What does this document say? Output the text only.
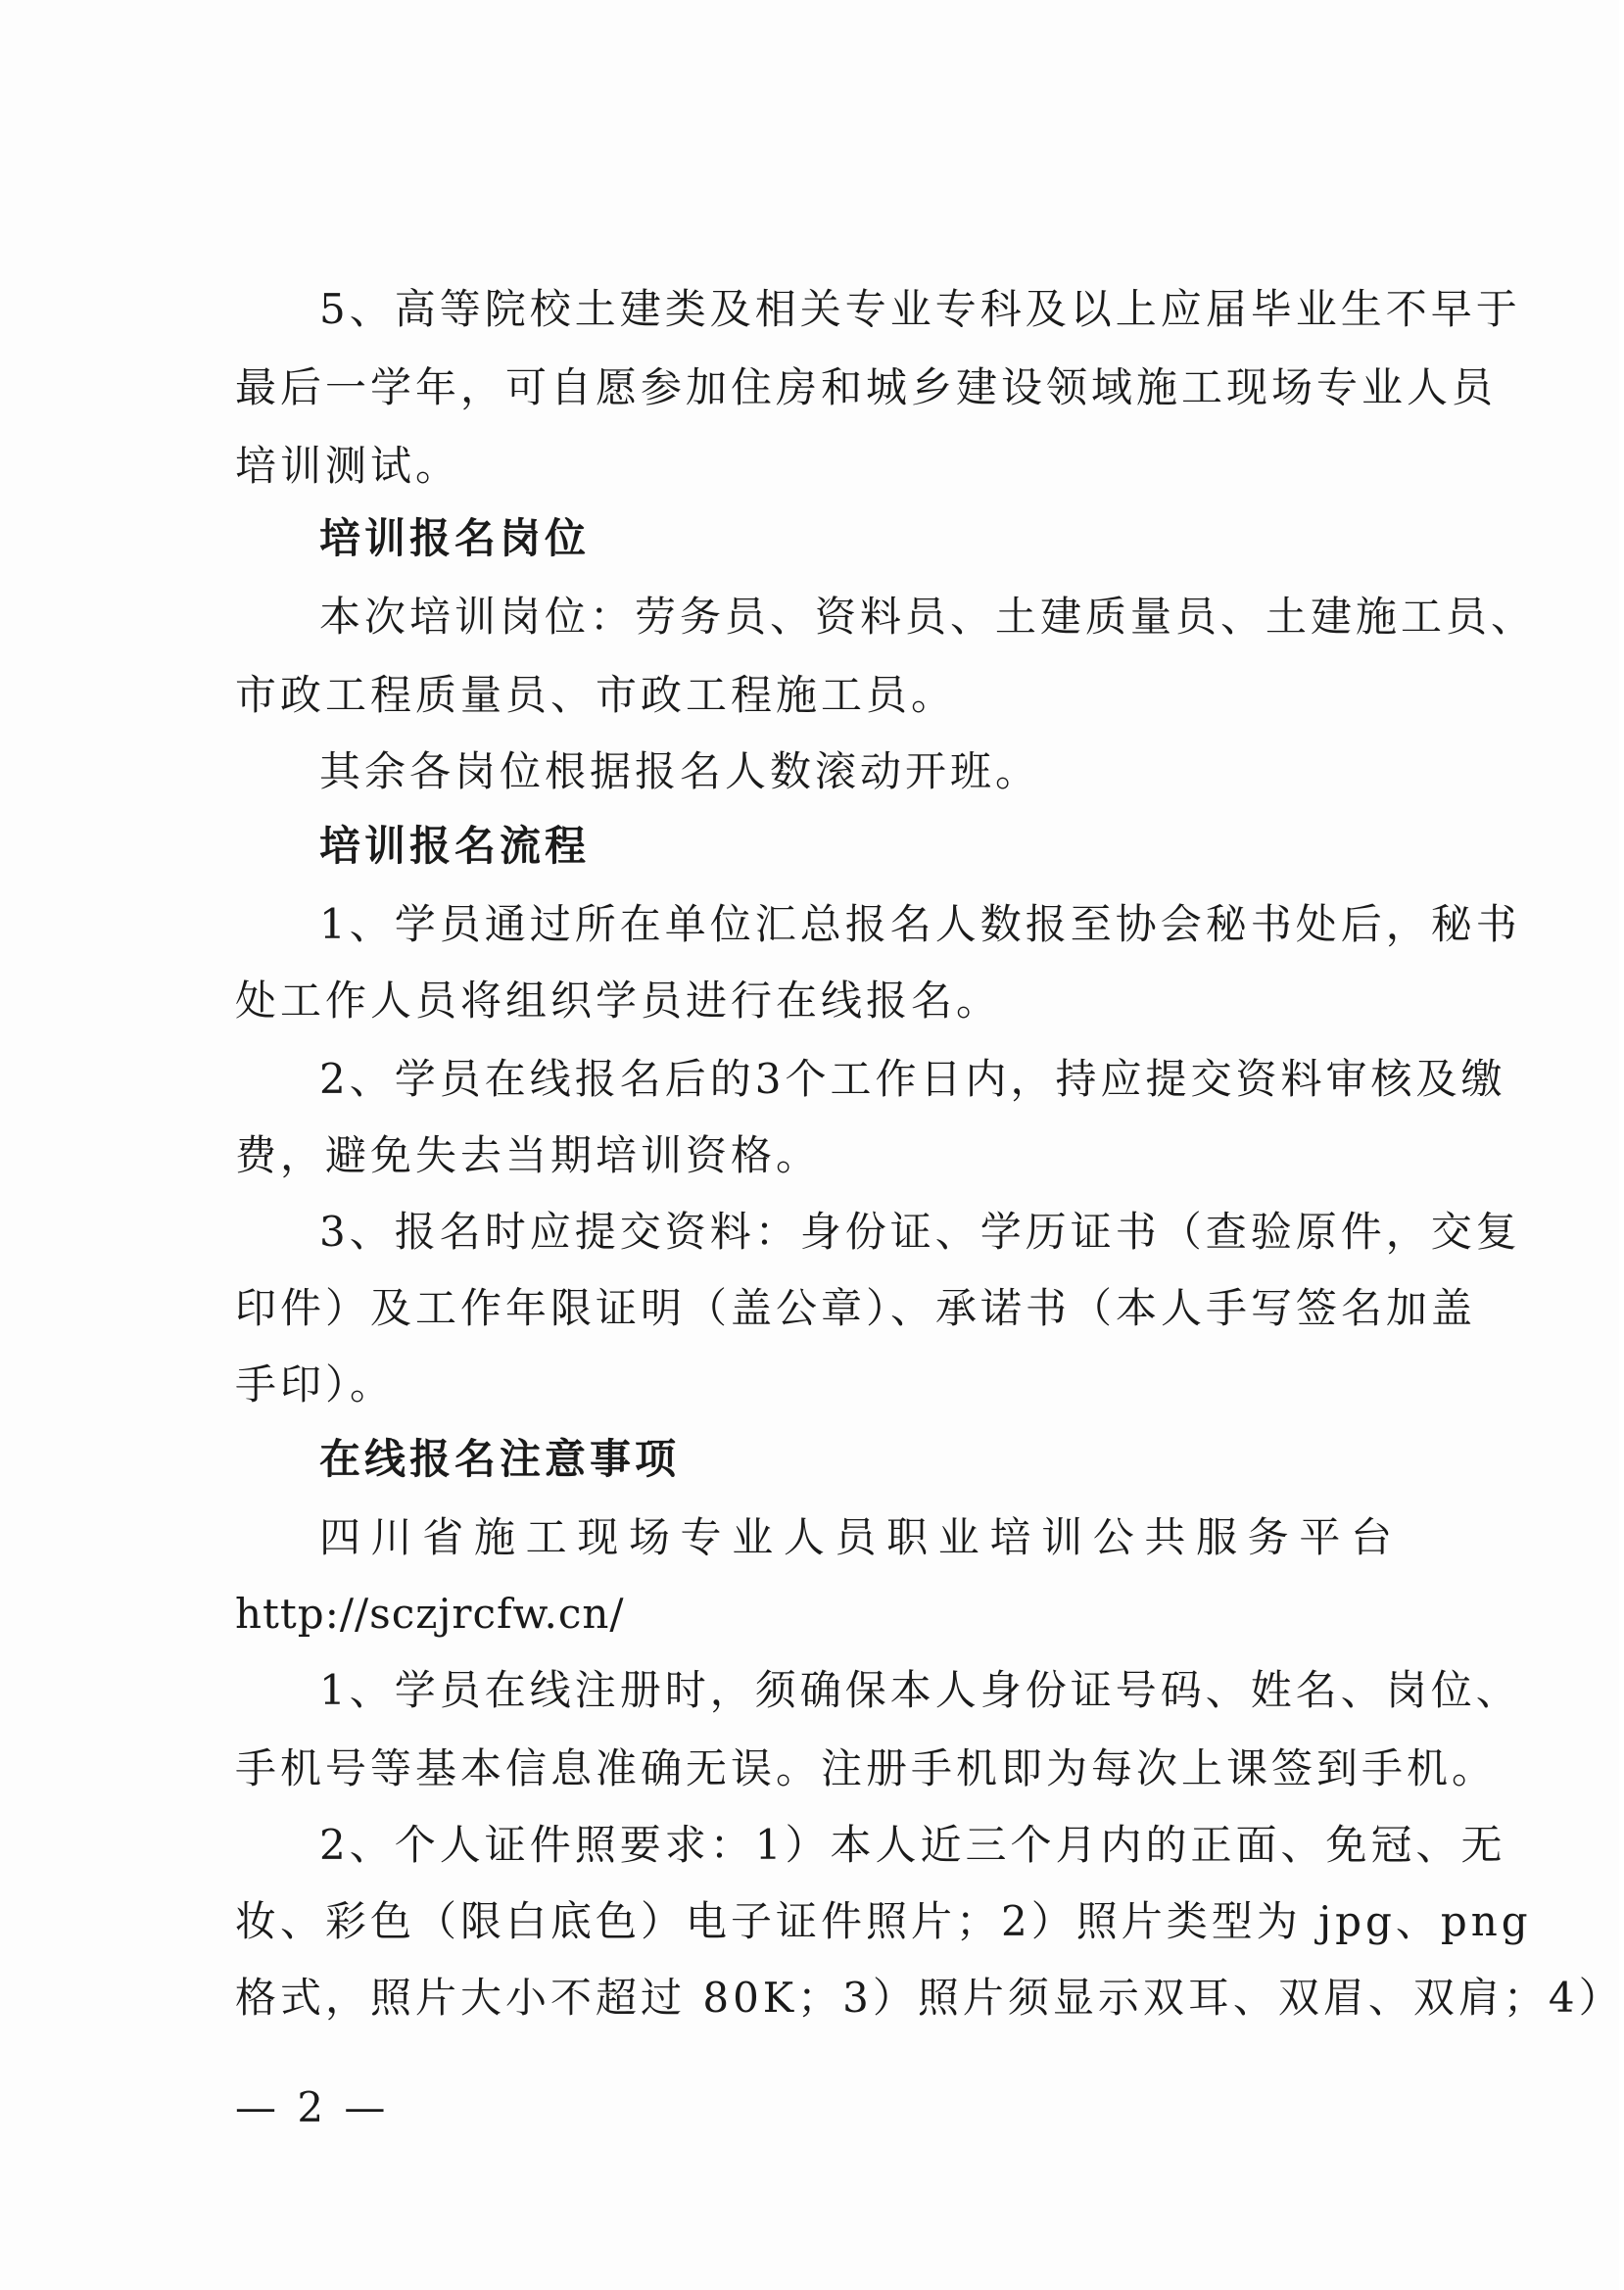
5、高等院校土建类及相关专业专科及以上应届毕业生不早于
最后一学年，可自愿参加住房和城乡建设领域施工现场专业人员
培训测试。
培训报名岗位
本次培训岗位：劳务员、资料员、土建质量员、土建施工员、
市政工程质量员、市政工程施工员。
其余各岗位根据报名人数滚动开班。
培训报名流程
1、学员通过所在单位汇总报名人数报至协会秘书处后，秘书
处工作人员将组织学员进行在线报名。
2、学员在线报名后的3个工作日内，持应提交资料审核及缴
费，避免失去当期培训资格。
3、报名时应提交资料：身份证、学历证书（查验原件，交复
印件）及工作年限证明（盖公章）、承诺书（本人手写签名加盖
手印）。
在线报名注意事项
四川省施工现场专业人员职业培训公共服务平台
http://sczjrcfw.cn/
1、学员在线注册时，须确保本人身份证号码、姓名、岗位、
手机号等基本信息准确无误。注册手机即为每次上课签到手机。
2、个人证件照要求：1）本人近三个月内的正面、免冠、无
妆、彩色（限白底色）电子证件照片；2）照片类型为 jpg、png
格式，照片大小不超过 80K；3）照片须显示双耳、双眉、双肩；4）
— 2 —
